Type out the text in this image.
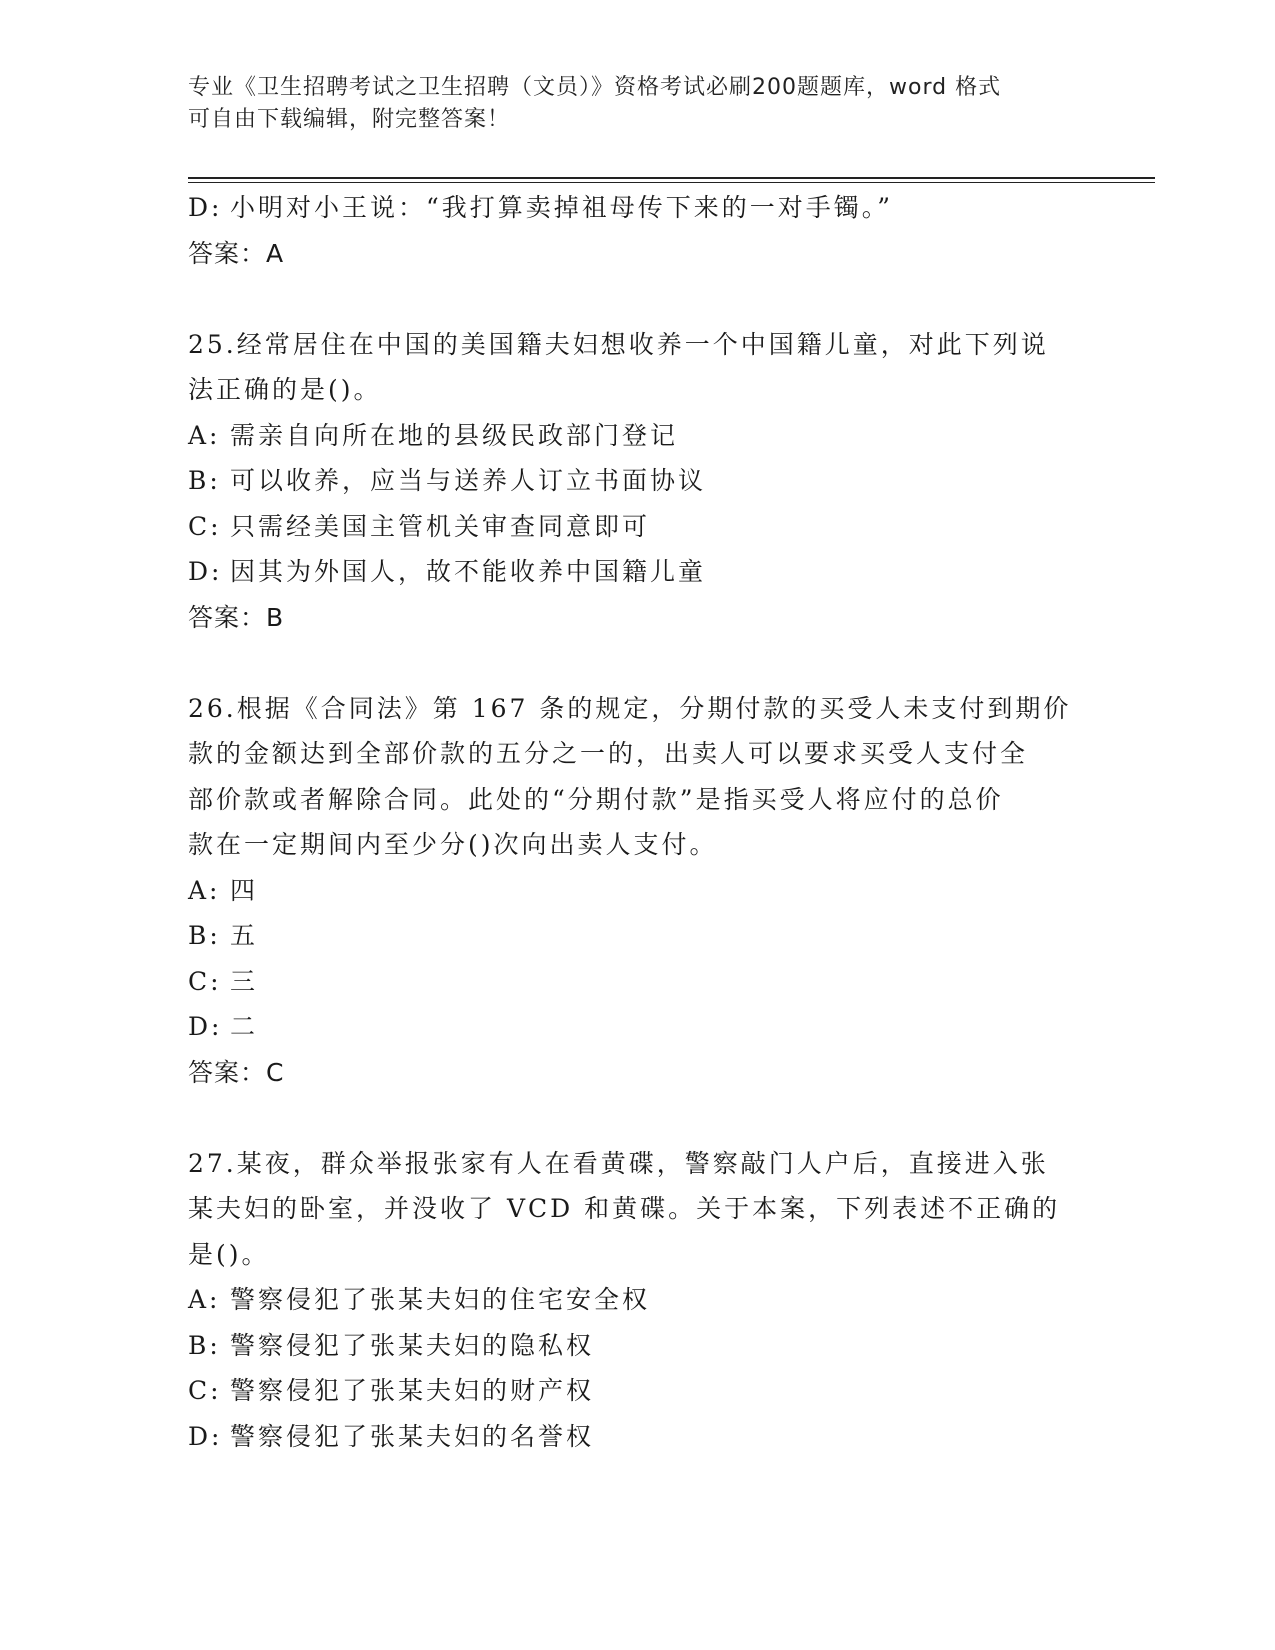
专业《卫生招聘考试之卫生招聘（文员）》资格考试必刷200题题库，word 格式
可自由下载编辑，附完整答案！
D: 小明对小王说：“我打算卖掉祖母传下来的一对手镯。”
答案：A
25.经常居住在中国的美国籍夫妇想收养一个中国籍儿童，对此下列说
法正确的是()。
A: 需亲自向所在地的县级民政部门登记
B: 可以收养，应当与送养人订立书面协议
C: 只需经美国主管机关审查同意即可
D: 因其为外国人，故不能收养中国籍儿童
答案：B
26.根据《合同法》第 167 条的规定，分期付款的买受人未支付到期价
款的金额达到全部价款的五分之一的，出卖人可以要求买受人支付全
部价款或者解除合同。此处的“分期付款”是指买受人将应付的总价
款在一定期间内至少分()次向出卖人支付。
A: 四
B: 五
C: 三
D: 二
答案：C
27.某夜，群众举报张家有人在看黄碟，警察敲门人户后，直接进入张
某夫妇的卧室，并没收了 VCD 和黄碟。关于本案，下列表述不正确的
是()。
A: 警察侵犯了张某夫妇的住宅安全权
B: 警察侵犯了张某夫妇的隐私权
C: 警察侵犯了张某夫妇的财产权
D: 警察侵犯了张某夫妇的名誉权
